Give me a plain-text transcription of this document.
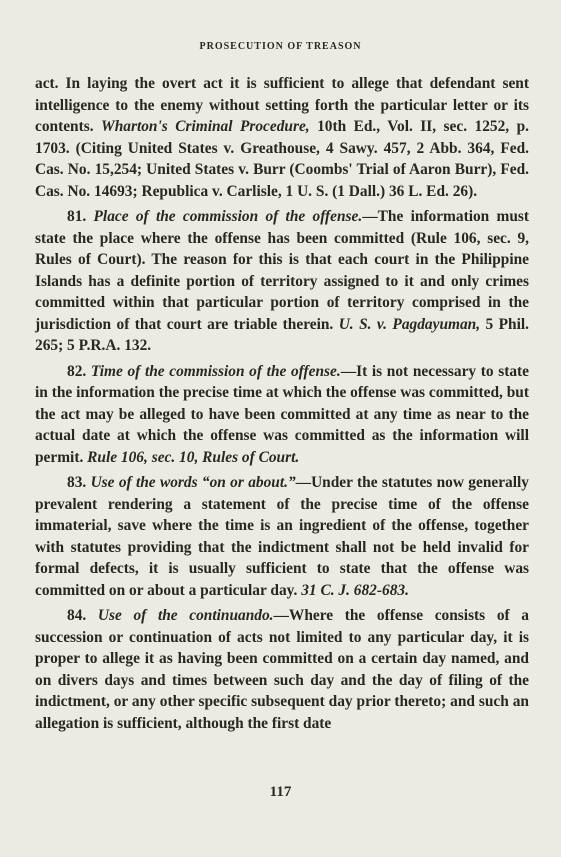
PROSECUTION OF TREASON

act. In laying the overt act it is sufficient to allege that defendant sent intelligence to the enemy without setting forth the particular letter or its contents. Wharton's Criminal Procedure, 10th Ed., Vol. II, sec. 1252, p. 1703. (Citing United States v. Greathouse, 4 Sawy. 457, 2 Abb. 364, Fed. Cas. No. 15,254; United States v. Burr (Coombs' Trial of Aaron Burr), Fed. Cas. No. 14693; Republica v. Carlisle, 1 U. S. (1 Dall.) 36 L. Ed. 26).

81. Place of the commission of the offense.—The information must state the place where the offense has been committed (Rule 106, sec. 9, Rules of Court). The reason for this is that each court in the Philippine Islands has a definite portion of territory assigned to it and only crimes committed within that particular portion of territory comprised in the jurisdiction of that court are triable therein. U. S. v. Pagdayuman, 5 Phil. 265; 5 P.R.A. 132.

82. Time of the commission of the offense.—It is not necessary to state in the information the precise time at which the offense was committed, but the act may be alleged to have been committed at any time as near to the actual date at which the offense was committed as the information will permit. Rule 106, sec. 10, Rules of Court.

83. Use of the words “on or about.”—Under the statutes now generally prevalent rendering a statement of the precise time of the offense immaterial, save where the time is an ingredient of the offense, together with statutes providing that the indictment shall not be held invalid for formal defects, it is usually sufficient to state that the offense was committed on or about a particular day. 31 C. J. 682-683.

84. Use of the continuando.—Where the offense consists of a succession or continuation of acts not limited to any particular day, it is proper to allege it as having been committed on a certain day named, and on divers days and times between such day and the day of filing of the indictment, or any other specific subsequent day prior thereto; and such an allegation is sufficient, although the first date

117
